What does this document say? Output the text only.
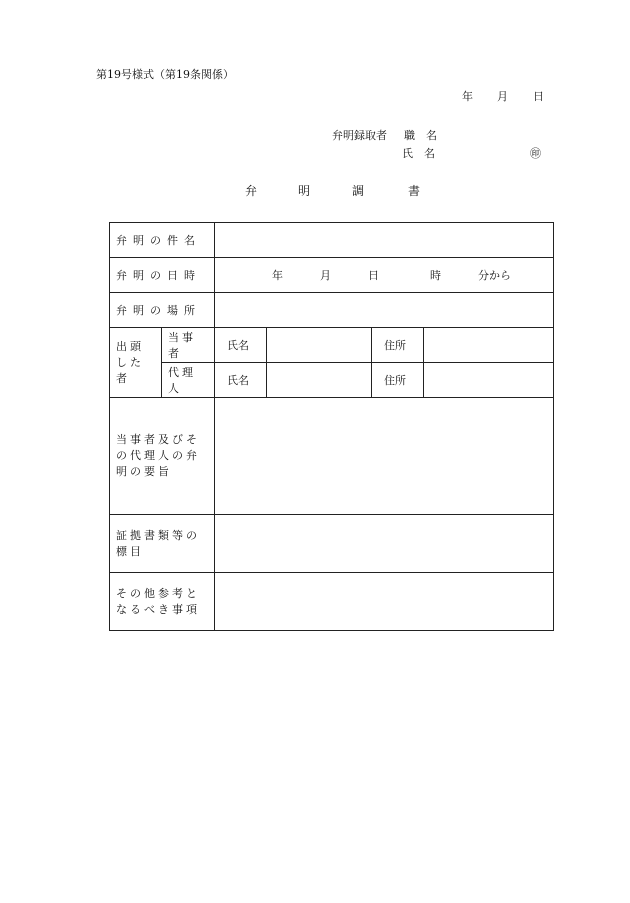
第19号様式（第19条関係）
年 月 日
弁明録取者 職　名
氏　名	㊞
弁	明	調	書
弁明の件名					
弁明の日時		年 月 日 時 分から			

弁明の場所					
出頭した者	当事者	氏名		住所	
	代理人	氏名		住所	
当事者及びその代理人の弁明の要旨					
証拠書類等の標目					
その他参考となるべき事項					
